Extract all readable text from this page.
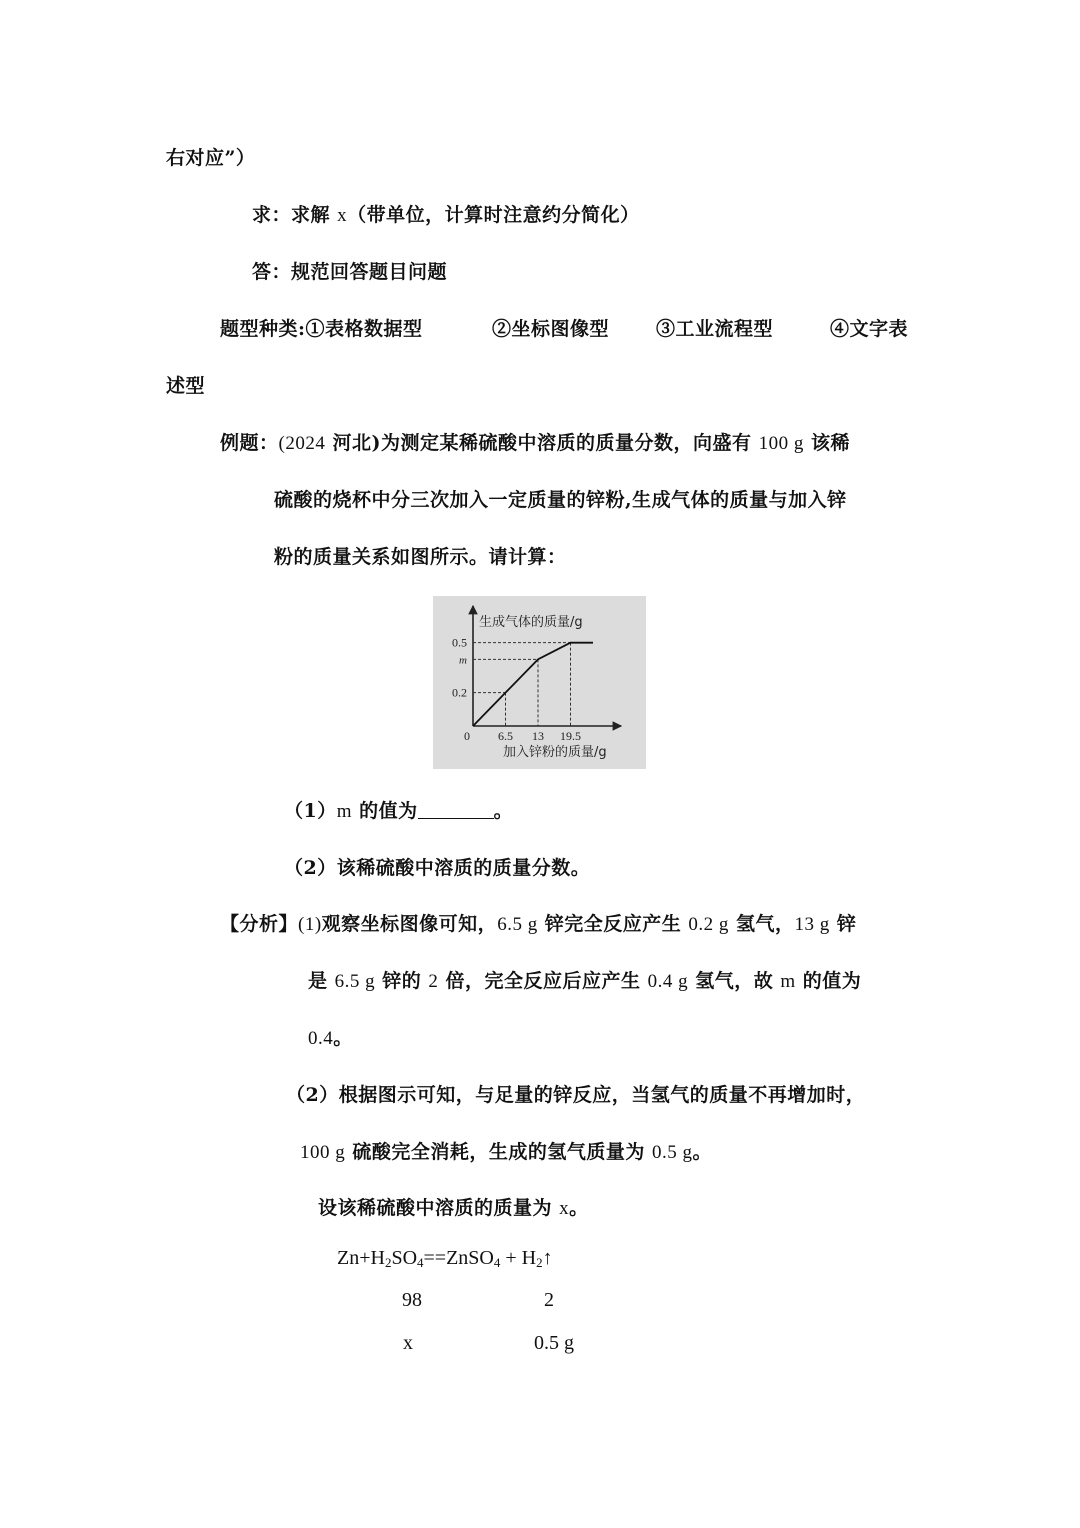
右对应”）
求：求解 x（带单位，计算时注意约分简化）
答：规范回答题目问题
题型种类:①表格数据型	②坐标图像型 ③工业流程型	④文字表
述型
例题：(2024 河北)为测定某稀硫酸中溶质的质量分数，向盛有 100 g 该稀
硫酸的烧杯中分三次加入一定质量的锌粉,生成气体的质量与加入锌
粉的质量关系如图所示。请计算：
0.2
m
0.5
0 6.5 13 19.5
生成气体的质量/g
加入锌粉的质量/g
（1）m 的值为	。
（2）该稀硫酸中溶质的质量分数。
【分析】(1)观察坐标图像可知，6.5 g 锌完全反应产生 0.2 g 氢气，13 g 锌
是 6.5 g 锌的 2 倍，完全反应后应产生 0.4 g 氢气，故 m 的值为
0.4。
（2）根据图示可知，与足量的锌反应，当氢气的质量不再增加时，
100 g 硫酸完全消耗，生成的氢气质量为 0.5 g。
设该稀硫酸中溶质的质量为 x。
$Zn+H_2SO_4==ZnSO_4$ + $H_2↑$
98	2
x	0.5 g
